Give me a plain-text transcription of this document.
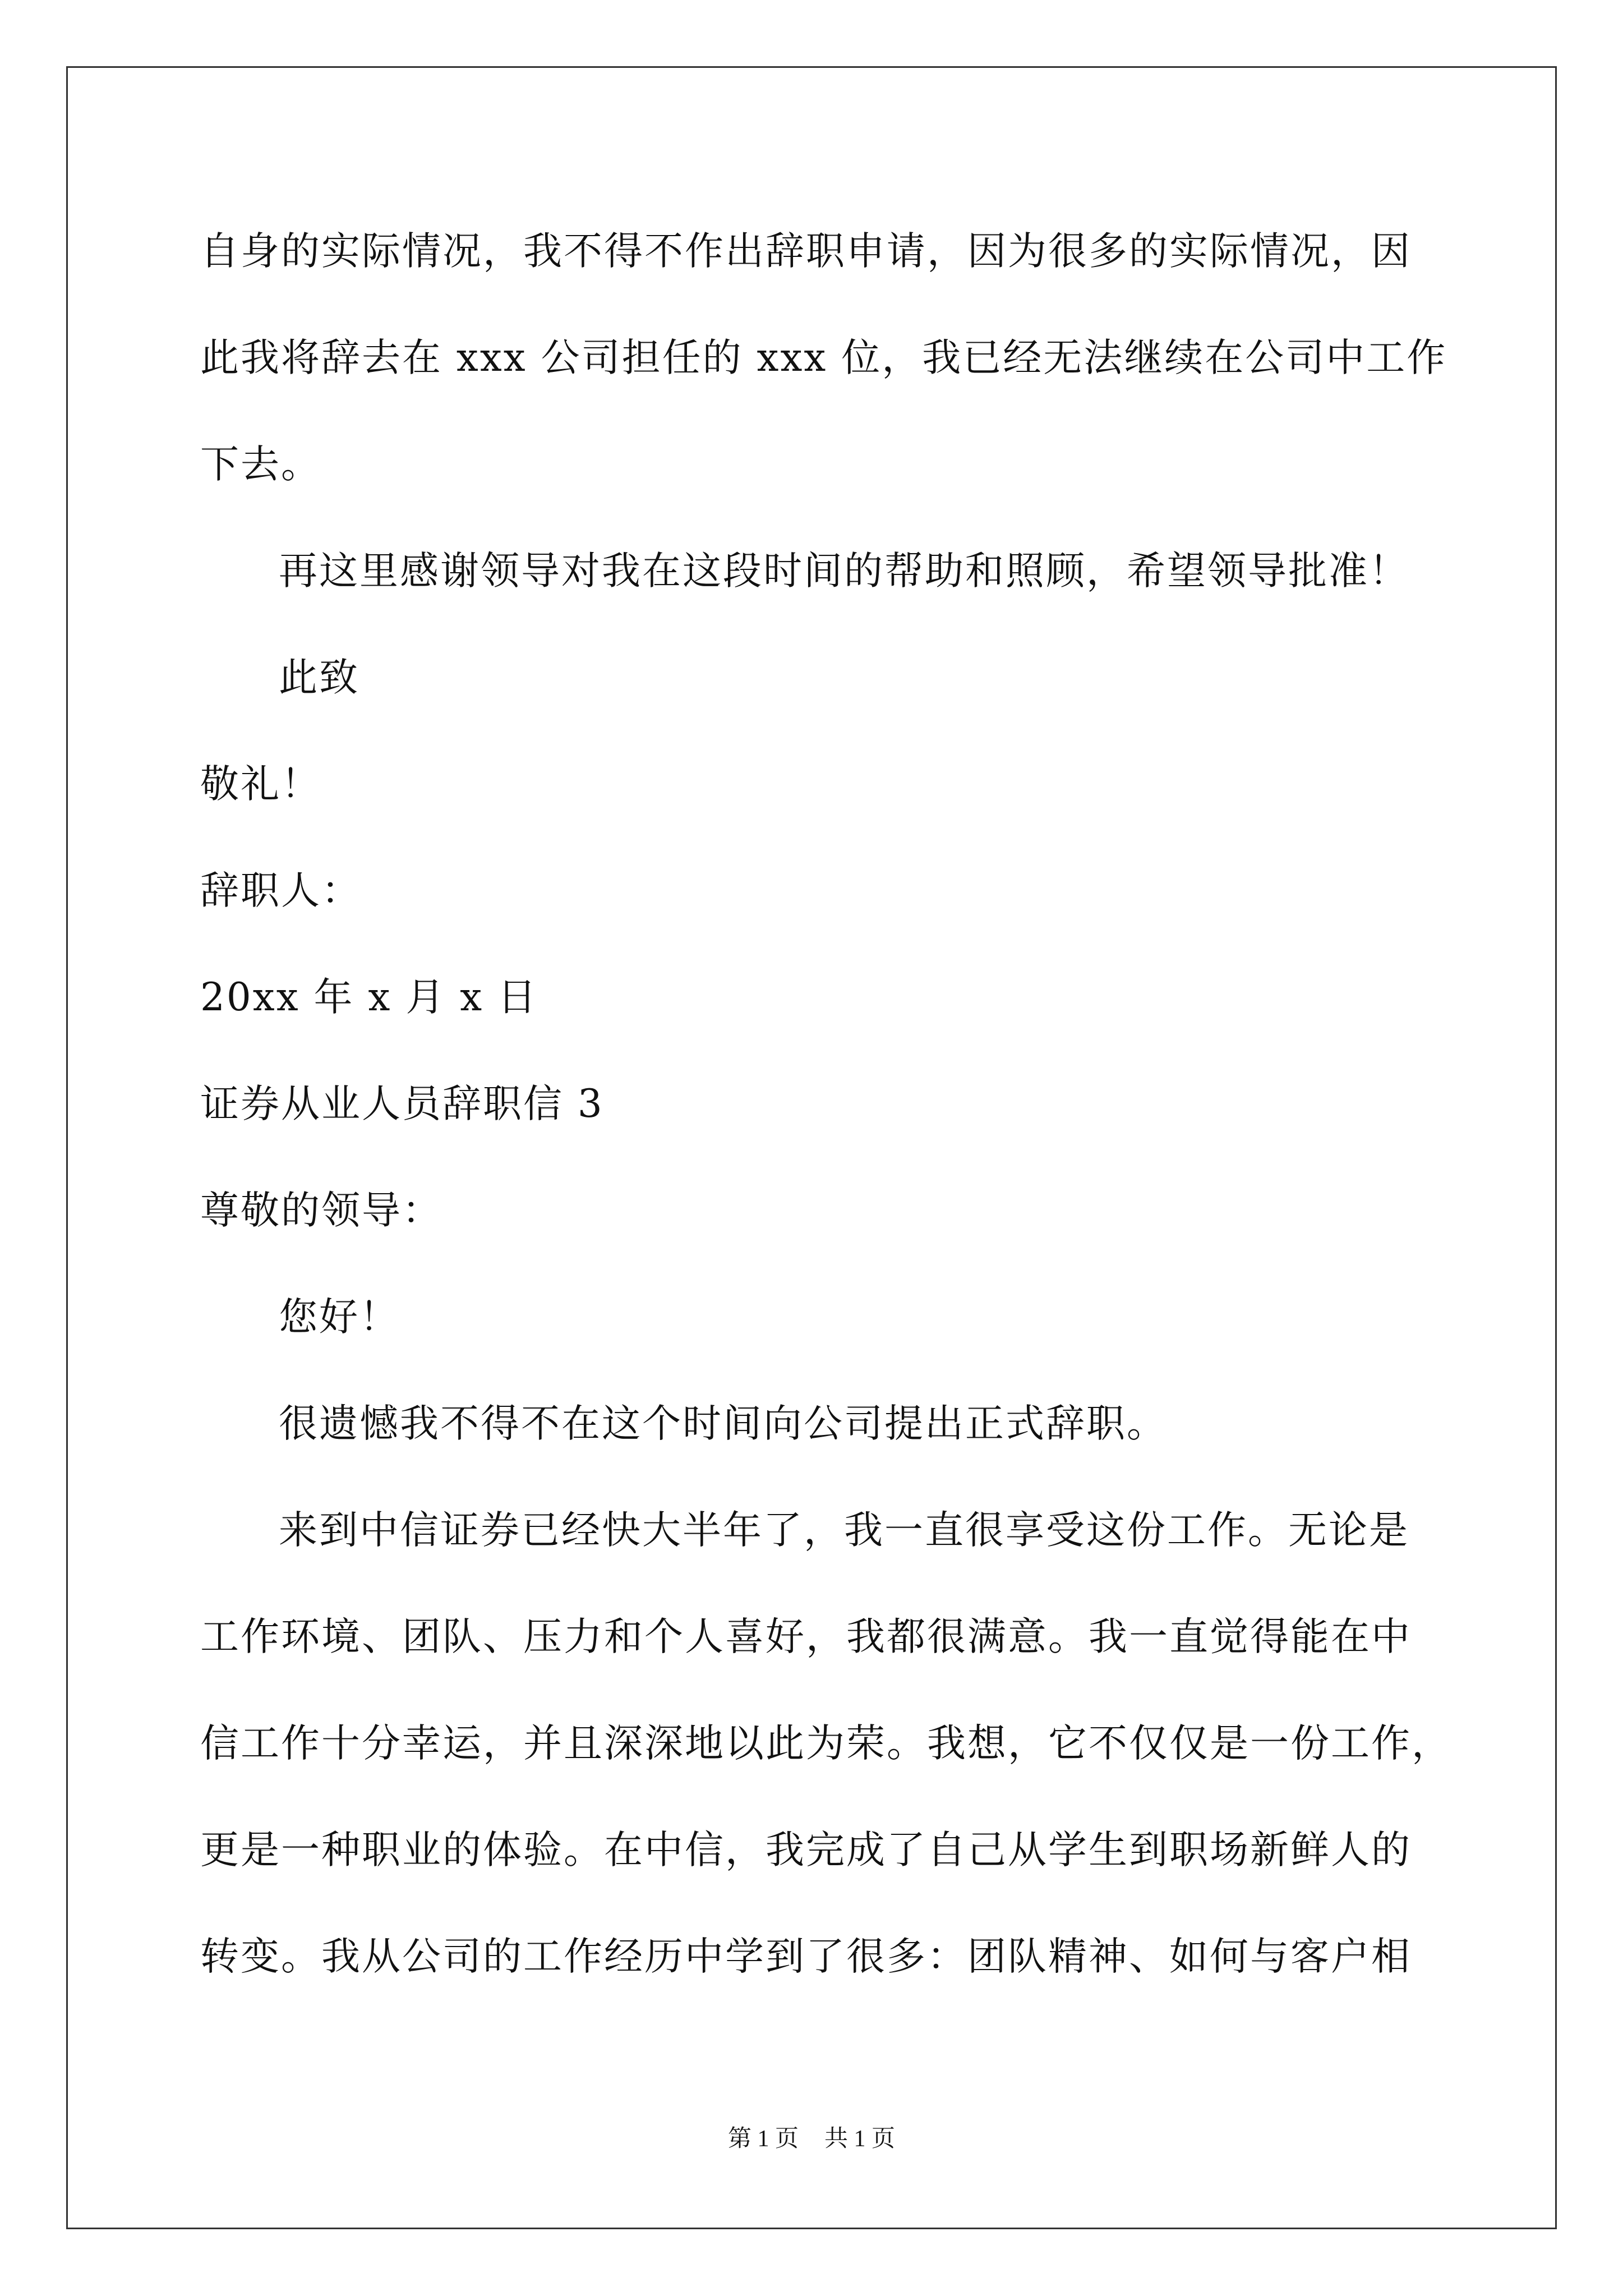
自身的实际情况，我不得不作出辞职申请，因为很多的实际情况，因
此我将辞去在 xxx 公司担任的 xxx 位，我已经无法继续在公司中工作
下去。
再这里感谢领导对我在这段时间的帮助和照顾，希望领导批准！
此致
敬礼！
辞职人：
20xx 年 x 月 x 日
证券从业人员辞职信 3
尊敬的领导：
您好！
很遗憾我不得不在这个时间向公司提出正式辞职。
来到中信证券已经快大半年了，我一直很享受这份工作。无论是
工作环境、团队、压力和个人喜好，我都很满意。我一直觉得能在中
信工作十分幸运，并且深深地以此为荣。我想，它不仅仅是一份工作，
更是一种职业的体验。在中信，我完成了自己从学生到职场新鲜人的
转变。我从公司的工作经历中学到了很多：团队精神、如何与客户相
第 1 页 共 1 页
